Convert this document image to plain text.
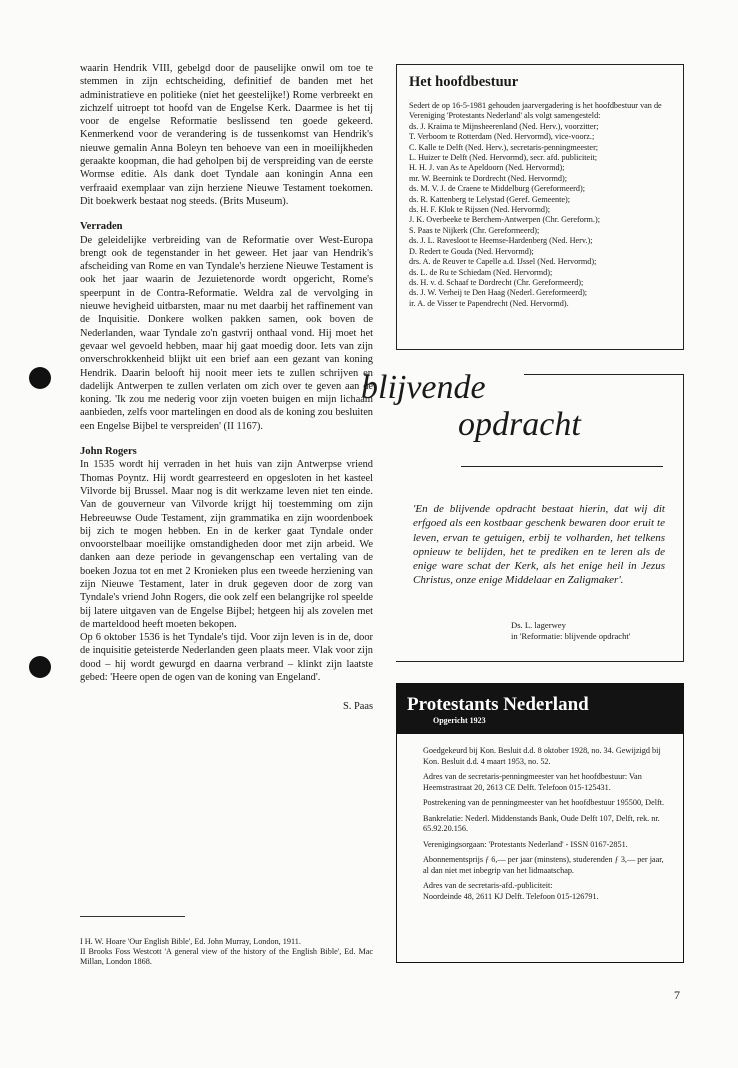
waarin Hendrik VIII, gebelgd door de pauselijke onwil om toe te stemmen in zijn echtscheiding, definitief de banden met het administratieve en politieke (niet het geestelijke!) Rome verbreekt en zichzelf uitroept tot hoofd van de Engelse Kerk. Daarmee is het tij voor de engelse Reformatie beslissend ten goede gekeerd. Kenmerkend voor de verandering is de tussenkomst van Hendrik's nieuwe gemalin Anna Boleyn ten behoeve van een in moeilijkheden geraakte koopman, die had geholpen bij de verspreiding van de eerste Wormse editie. Als dank doet Tyndale aan koningin Anna een verfraaid exemplaar van zijn herziene Nieuwe Testament toekomen. Dit boekwerk bestaat nog steeds. (Brits Museum).

Verraden

De geleidelijke verbreiding van de Reformatie over West-Europa brengt ook de tegenstander in het geweer. Het jaar van Hendrik's afscheiding van Rome en van Tyndale's herziene Nieuwe Testament is ook het jaar waarin de Jezuietenorde wordt opgericht, Rome's speerpunt in de Contra-Reformatie. Weldra zal de vervolging in nieuwe hevigheid uitbarsten, maar nu met daarbij het raffinement van de Inquisitie. Donkere wolken pakken samen, ook boven de Nederlanden, waar Tyndale zo'n gastvrij onthaal vond. Hij moet het gevaar wel gevoeld hebben, maar hij gaat moedig door. Iets van zijn onverschrokkenheid blijkt uit een brief aan een gezant van koning Hendrik. Daarin belooft hij nooit meer iets te zullen schrijven en dadelijk Antwerpen te zullen verlaten om zich over te geven aan de koning. 'Ik zou me nederig voor zijn voeten buigen en mijn lichaam aanbieden, zelfs voor martelingen en dood als de koning zou besluiten een Engelse Bijbel te verspreiden' (II 1167).

John Rogers

In 1535 wordt hij verraden in het huis van zijn Antwerpse vriend Thomas Poyntz. Hij wordt gearresteerd en opgesloten in het kasteel Vilvorde bij Brussel. Maar nog is dit werkzame leven niet ten einde. Van de gouverneur van Vilvorde krijgt hij toestemming om zijn Hebreeuwse Oude Testament, zijn grammatika en zijn woordenboek bij zich te mogen hebben. En in de kerker gaat Tyndale onder onvoorstelbaar moeilijke omstandigheden door met zijn arbeid. We danken aan deze periode in gevangenschap een vertaling van de boeken Jozua tot en met 2 Kronieken plus een tweede herziening van zijn Nieuwe Testament, later in druk gegeven door de zorg van Tyndale's vriend John Rogers, die ook zelf een belangrijke rol speelde bij latere uitgaven van de Engelse Bijbel; hetgeen hij als zovelen met de marteldood heeft moeten bekopen.

Op 6 oktober 1536 is het Tyndale's tijd. Voor zijn leven is in de, door de inquisitie geteisterde Nederlanden geen plaats meer. Vlak voor zijn dood – hij wordt gewurgd en daarna verbrand – klinkt zijn laatste gebed: 'Heere open de ogen van de koning van Engeland'.

S. Paas

I H. W. Hoare 'Our English Bible', Ed. John Murray, London, 1911.

II Brooks Foss Westcott 'A general view of the history of the English Bible', Ed. Mac Millan, London 1868.

Het hoofdbestuur

Sedert de op 16-5-1981 gehouden jaarvergadering is het hoofdbestuur van de Vereniging 'Protestants Nederland' als volgt samengesteld:

ds. J. Kraima te Mijnsheerenland (Ned. Herv.), voorzitter;
T. Verboom te Rotterdam (Ned. Hervormd), vice-voorz.;
C. Kalle te Delft (Ned. Herv.), secretaris-penningmeester;
L. Huizer te Delft (Ned. Hervormd), secr. afd. publiciteit;
H. H. J. van As te Apeldoorn (Ned. Hervormd);
mr. W. Beernink te Dordrecht (Ned. Hervormd);
ds. M. V. J. de Craene te Middelburg (Gereformeerd);
ds. R. Kattenberg te Lelystad (Geref. Gemeente);
ds. H. F. Klok te Rijssen (Ned. Hervormd);
J. K. Overbeeke te Berchem-Antwerpen (Chr. Gereform.);
S. Paas te Nijkerk (Chr. Gereformeerd);
ds. J. L. Ravesloot te Heemse-Hardenberg (Ned. Herv.);
D. Redert te Gouda (Ned. Hervormd);
drs. A. de Reuver te Capelle a.d. IJssel (Ned. Hervormd);
ds. L. de Ru te Schiedam (Ned. Hervormd);
ds. H. v. d. Schaaf te Dordrecht (Chr. Gereformeerd);
ds. J. W. Verheij te Den Haag (Nederl. Gereformeerd);
ir. A. de Visser te Papendrecht (Ned. Hervormd).
blijvende
opdracht
'En de blijvende opdracht bestaat hierin, dat wij dit erfgoed als een kostbaar geschenk bewaren door eruit te leven, ervan te getuigen, erbij te volharden, het telkens opnieuw te belijden, het te prediken en te leren als de enige ware schat der Kerk, als het enige heil in Jezus Christus, onze enige Middelaar en Zaligmaker'.
Ds. L. lagerwey
in 'Reformatie: blijvende opdracht'
Protestants Nederland
Opgericht 1923

Goedgekeurd bij Kon. Besluit d.d. 8 oktober 1928, no. 34. Gewijzigd bij Kon. Besluit d.d. 4 maart 1953, no. 52.

Adres van de secretaris-penningmeester van het hoofdbestuur: Van Heemstrastraat 20, 2613 CE Delft. Telefoon 015-125431.

Postrekening van de penningmeester van het hoofdbestuur 195500, Delft.

Bankrelatie: Nederl. Middenstands Bank, Oude Delft 107, Delft, rek. nr. 65.92.20.156.

Verenigingsorgaan: 'Protestants Nederland' - ISSN 0167-2851.

Abonnementsprijs ƒ 6,— per jaar (minstens), studerenden ƒ 3,— per jaar, al dan niet met inbegrip van het lidmaatschap.

Adres van de secretaris-afd.-publiciteit:
Noordeinde 48, 2611 KJ Delft. Telefoon 015-126791.

7
